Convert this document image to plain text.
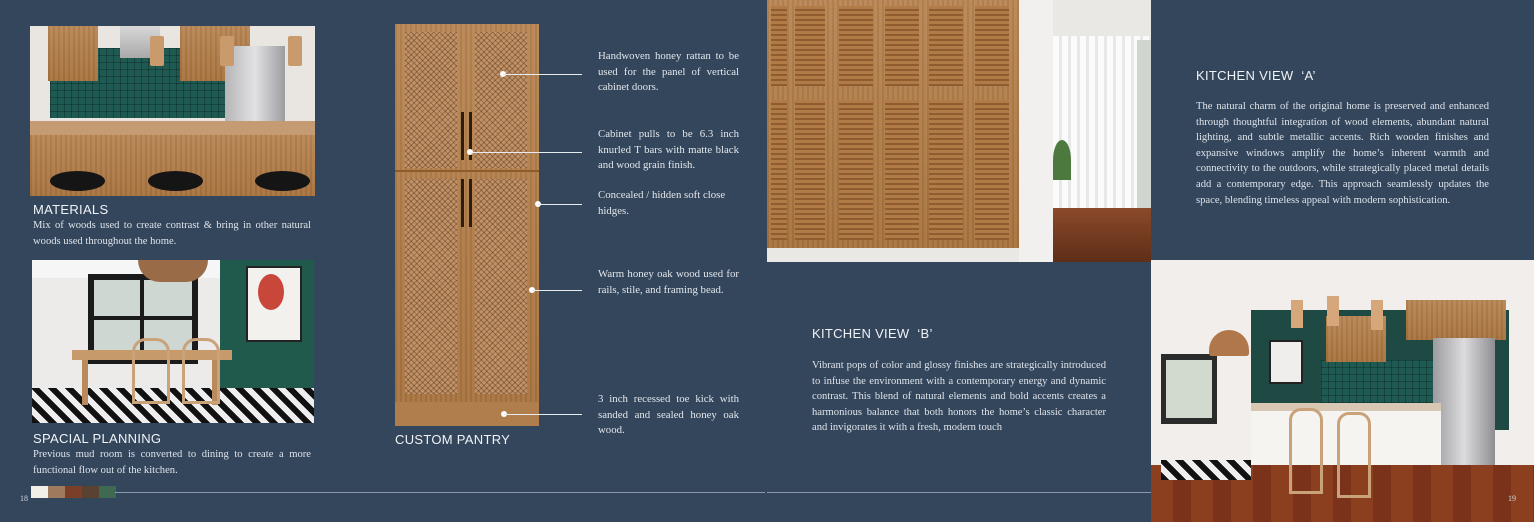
MATERIALS
Mix of woods used to create contrast & bring in other natural woods used throughout the home.
SPACIAL PLANNING
Previous mud room is converted to dining to create a more functional flow out of the kitchen.
Handwoven honey rattan to be used for the panel of vertical cabinet doors.
Cabinet pulls to be 6.3 inch knurled T bars with matte black and wood grain finish.
Concealed / hidden soft close hidges.
Warm honey oak wood used for rails, stile, and framing bead.
3 inch recessed toe kick with sanded and sealed honey oak wood.
CUSTOM PANTRY
18
KITCHEN VIEW  ‘A’
The natural charm of the original home is preserved and enhanced through thoughtful integration of wood elements, abundant natural lighting, and subtle metallic accents. Rich wooden finishes and expansive windows amplify the home’s inherent warmth and connectivity to the outdoors, while strategically placed metal details add a contemporary edge. This approach seamlessly updates the space, blending timeless appeal with modern sophistication.
KITCHEN VIEW  ‘B’
Vibrant pops of color and glossy finishes are strategically introduced to infuse the environment with a contemporary energy and dynamic contrast. This blend of natural elements and bold accents creates a harmonious balance that both honors the home’s classic character and invigorates it with a fresh, modern touch
19
